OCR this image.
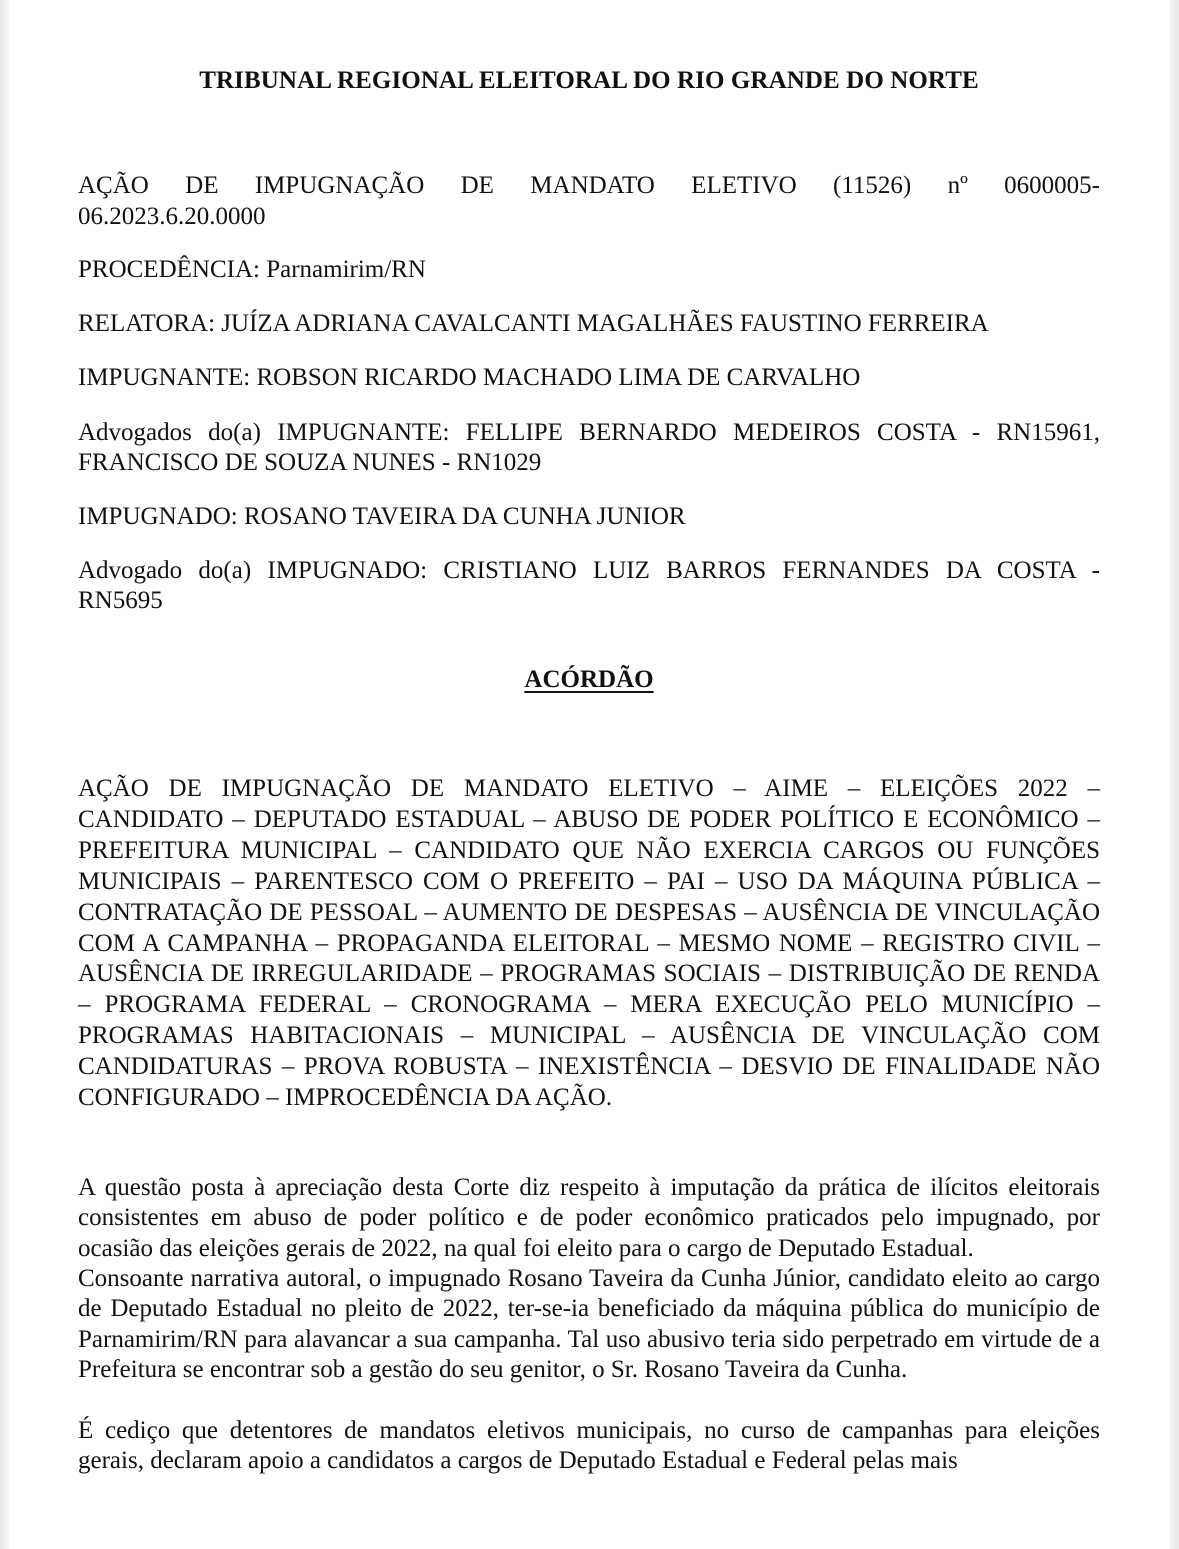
TRIBUNAL REGIONAL ELEITORAL DO RIO GRANDE DO NORTE
AÇÃO DE IMPUGNAÇÃO DE MANDATO ELETIVO (11526) nº 0600005-
06.2023.6.20.0000
PROCEDÊNCIA: Parnamirim/RN
RELATORA: JUÍZA ADRIANA CAVALCANTI MAGALHÃES FAUSTINO FERREIRA
IMPUGNANTE: ROBSON RICARDO MACHADO LIMA DE CARVALHO
Advogados do(a) IMPUGNANTE: FELLIPE BERNARDO MEDEIROS COSTA - RN15961,
FRANCISCO DE SOUZA NUNES - RN1029
IMPUGNADO: ROSANO TAVEIRA DA CUNHA JUNIOR
Advogado do(a) IMPUGNADO: CRISTIANO LUIZ BARROS FERNANDES DA COSTA -
RN5695
ACÓRDÃO
AÇÃO DE IMPUGNAÇÃO DE MANDATO ELETIVO – AIME – ELEIÇÕES 2022 – CANDIDATO – DEPUTADO ESTADUAL – ABUSO DE PODER POLÍTICO E ECONÔMICO – PREFEITURA MUNICIPAL – CANDIDATO QUE NÃO EXERCIA CARGOS OU FUNÇÕES MUNICIPAIS – PARENTESCO COM O PREFEITO – PAI – USO DA MÁQUINA PÚBLICA – CONTRATAÇÃO DE PESSOAL – AUMENTO DE DESPESAS – AUSÊNCIA DE VINCULAÇÃO COM A CAMPANHA – PROPAGANDA ELEITORAL – MESMO NOME – REGISTRO CIVIL – AUSÊNCIA DE IRREGULARIDADE – PROGRAMAS SOCIAIS – DISTRIBUIÇÃO DE RENDA – PROGRAMA FEDERAL – CRONOGRAMA – MERA EXECUÇÃO PELO MUNICÍPIO – PROGRAMAS HABITACIONAIS – MUNICIPAL – AUSÊNCIA DE VINCULAÇÃO COM CANDIDATURAS – PROVA ROBUSTA – INEXISTÊNCIA – DESVIO DE FINALIDADE NÃO CONFIGURADO – IMPROCEDÊNCIA DA AÇÃO.
A questão posta à apreciação desta Corte diz respeito à imputação da prática de ilícitos eleitorais consistentes em abuso de poder político e de poder econômico praticados pelo impugnado, por ocasião das eleições gerais de 2022, na qual foi eleito para o cargo de Deputado Estadual.
Consoante narrativa autoral, o impugnado Rosano Taveira da Cunha Júnior, candidato eleito ao cargo de Deputado Estadual no pleito de 2022, ter-se-ia beneficiado da máquina pública do município de Parnamirim/RN para alavancar a sua campanha. Tal uso abusivo teria sido perpetrado em virtude de a Prefeitura se encontrar sob a gestão do seu genitor, o Sr. Rosano Taveira da Cunha.
É cediço que detentores de mandatos eletivos municipais, no curso de campanhas para eleições gerais, declaram apoio a candidatos a cargos de Deputado Estadual e Federal pelas mais
